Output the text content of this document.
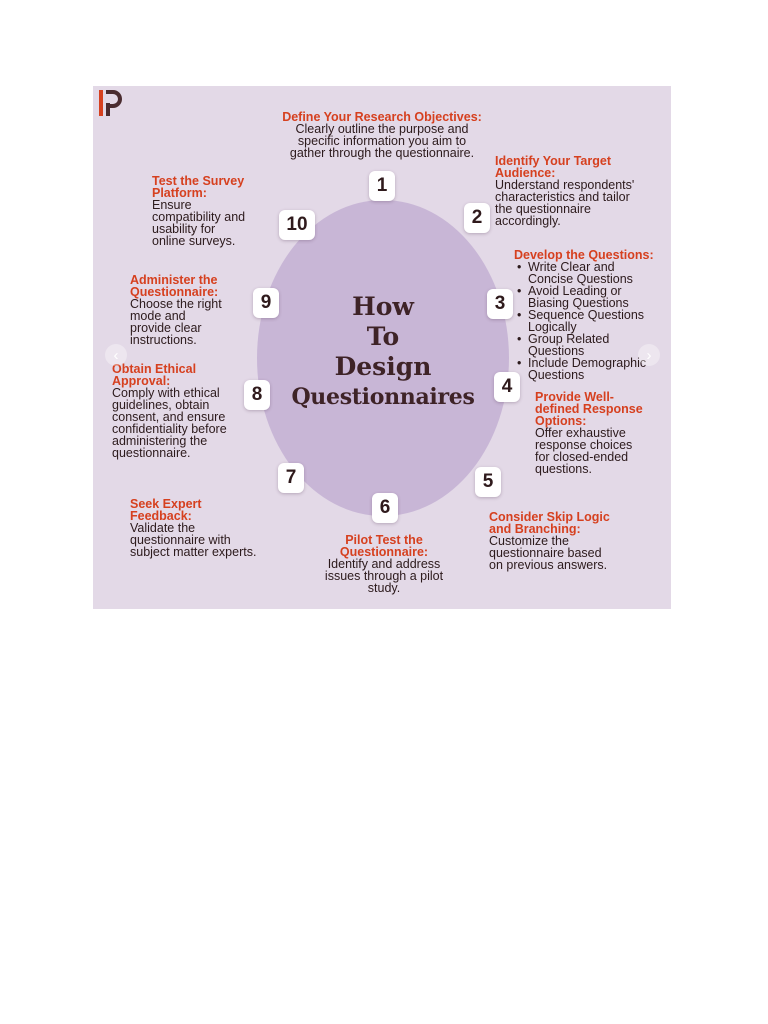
How
To
Design
Questionnaires
1
2
3
4
5
6
7
8
9
10
Define Your Research Objectives:
Clearly outline the purpose and
specific information you aim to
gather through the questionnaire.
Identify Your Target
Audience:
Understand respondents'
characteristics and tailor
the questionnaire
accordingly.
Develop the Questions:
• Write Clear and
Concise Questions
• Avoid Leading or
Biasing Questions
• Sequence Questions
Logically
• Group Related
Questions
• Include Demographic
Questions
Provide Well-
defined Response
Options:
Offer exhaustive
response choices
for closed-ended
questions.
Consider Skip Logic
and Branching:
Customize the
questionnaire based
on previous answers.
Pilot Test the
Questionnaire:
Identify and address
issues through a pilot
study.
Seek Expert
Feedback:
Validate the
questionnaire with
subject matter experts.
Obtain Ethical
Approval:
Comply with ethical
guidelines, obtain
consent, and ensure
confidentiality before
administering the
questionnaire.
Administer the
Questionnaire:
Choose the right
mode and
provide clear
instructions.
Test the Survey
Platform:
Ensure
compatibility and
usability for
online surveys.
‹	›
